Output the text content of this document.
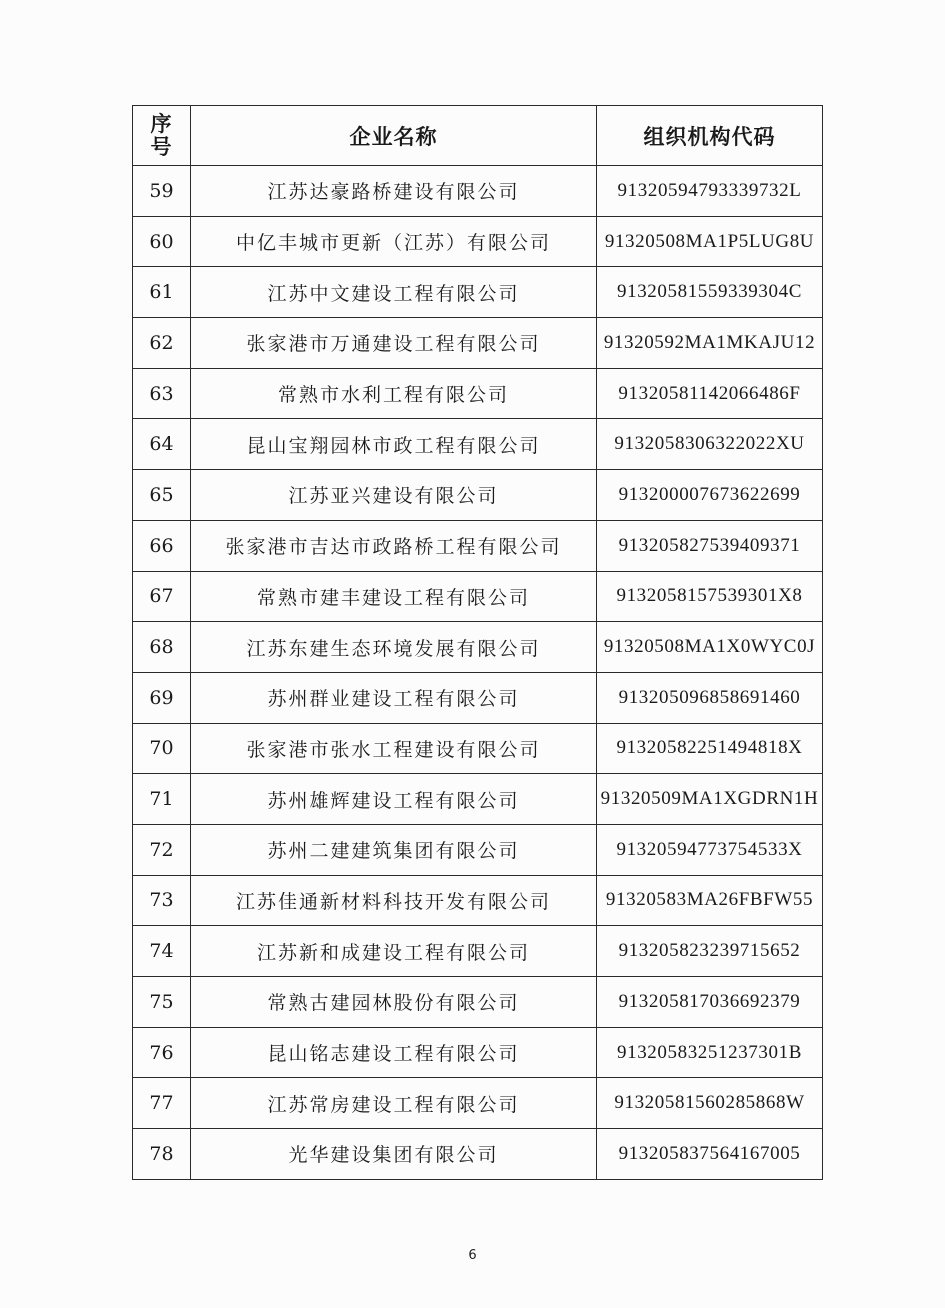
序
号	企业名称	组织机构代码
59	江苏达豪路桥建设有限公司	91320594793339732L
60	中亿丰城市更新（江苏）有限公司	91320508MA1P5LUG8U
61	江苏中文建设工程有限公司	91320581559339304C
62	张家港市万通建设工程有限公司	91320592MA1MKAJU12
63	常熟市水利工程有限公司	91320581142066486F
64	昆山宝翔园林市政工程有限公司	9132058306322022XU
65	江苏亚兴建设有限公司	913200007673622699
66	张家港市吉达市政路桥工程有限公司	913205827539409371
67	常熟市建丰建设工程有限公司	9132058157539301X8
68	江苏东建生态环境发展有限公司	91320508MA1X0WYC0J
69	苏州群业建设工程有限公司	913205096858691460
70	张家港市张水工程建设有限公司	9132058225149481​8X
71	苏州雄辉建设工程有限公司	91320509MA1XGDRN1H
72	苏州二建建筑集团有限公司	91320594773754533X
73	江苏佳通新材料科技开发有限公司	91320583MA26FBFW55
74	江苏新和成建设工程有限公司	913205823239715652
75	常熟古建园林股份有限公司	913205817036692379
76	昆山铭志建设工程有限公司	91320583251237301B
77	江苏常房建设工程有限公司	91320581560285868W
78	光华建设集团有限公司	913205837564167005
6
